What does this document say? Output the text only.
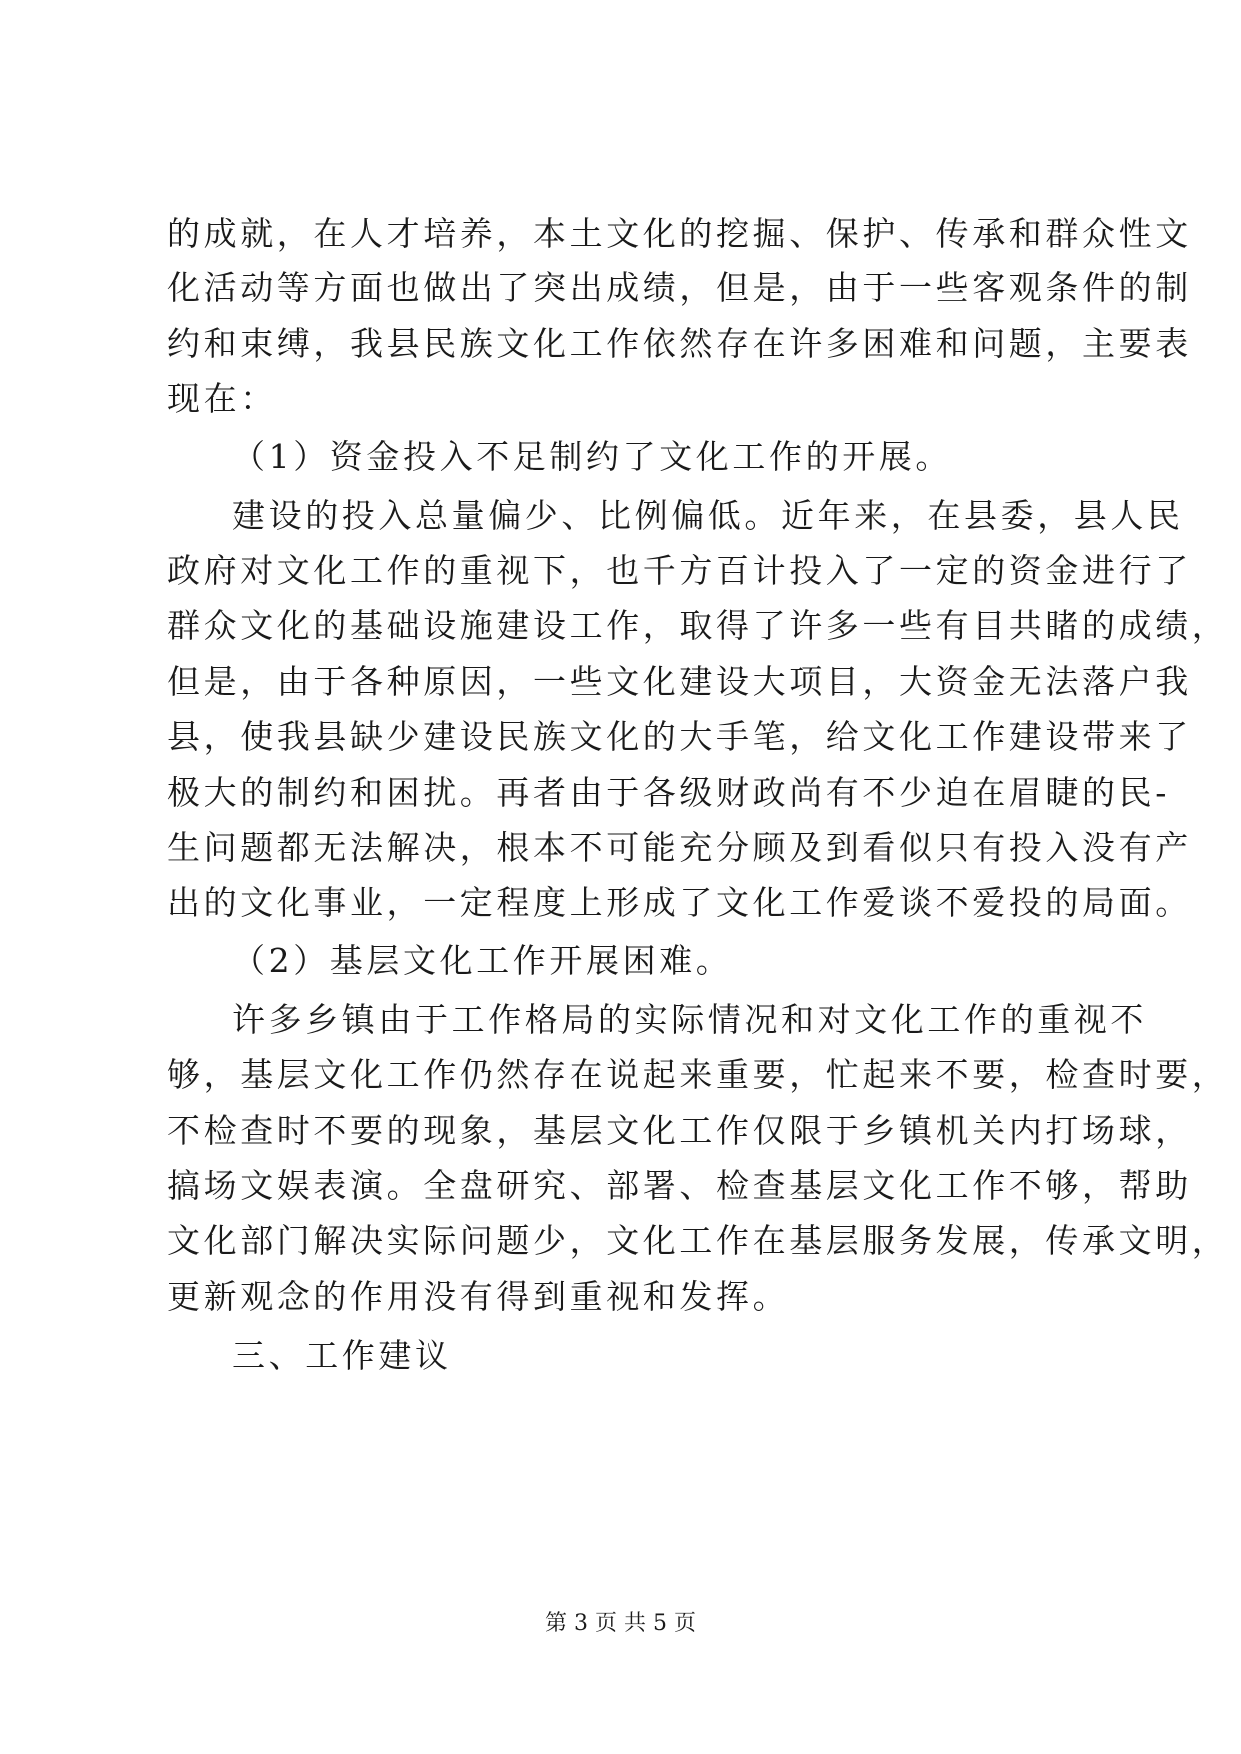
的成就，在人才培养，本土文化的挖掘、保护、传承和群众性文
化活动等方面也做出了突出成绩，但是，由于一些客观条件的制
约和束缚，我县民族文化工作依然存在许多困难和问题，主要表
现在：
（1）资金投入不足制约了文化工作的开展。
建设的投入总量偏少、比例偏低。近年来，在县委，县人民
政府对文化工作的重视下，也千方百计投入了一定的资金进行了
群众文化的基础设施建设工作，取得了许多一些有目共睹的成绩，
但是，由于各种原因，一些文化建设大项目，大资金无法落户我
县，使我县缺少建设民族文化的大手笔，给文化工作建设带来了
极大的制约和困扰。再者由于各级财政尚有不少迫在眉睫的民-
生问题都无法解决，根本不可能充分顾及到看似只有投入没有产
出的文化事业，一定程度上形成了文化工作爱谈不爱投的局面。
（2）基层文化工作开展困难。
许多乡镇由于工作格局的实际情况和对文化工作的重视不
够，基层文化工作仍然存在说起来重要，忙起来不要，检查时要，
不检查时不要的现象，基层文化工作仅限于乡镇机关内打场球，
搞场文娱表演。全盘研究、部署、检查基层文化工作不够，帮助
文化部门解决实际问题少，文化工作在基层服务发展，传承文明，
更新观念的作用没有得到重视和发挥。
三、工作建议
第 3 页 共 5 页
